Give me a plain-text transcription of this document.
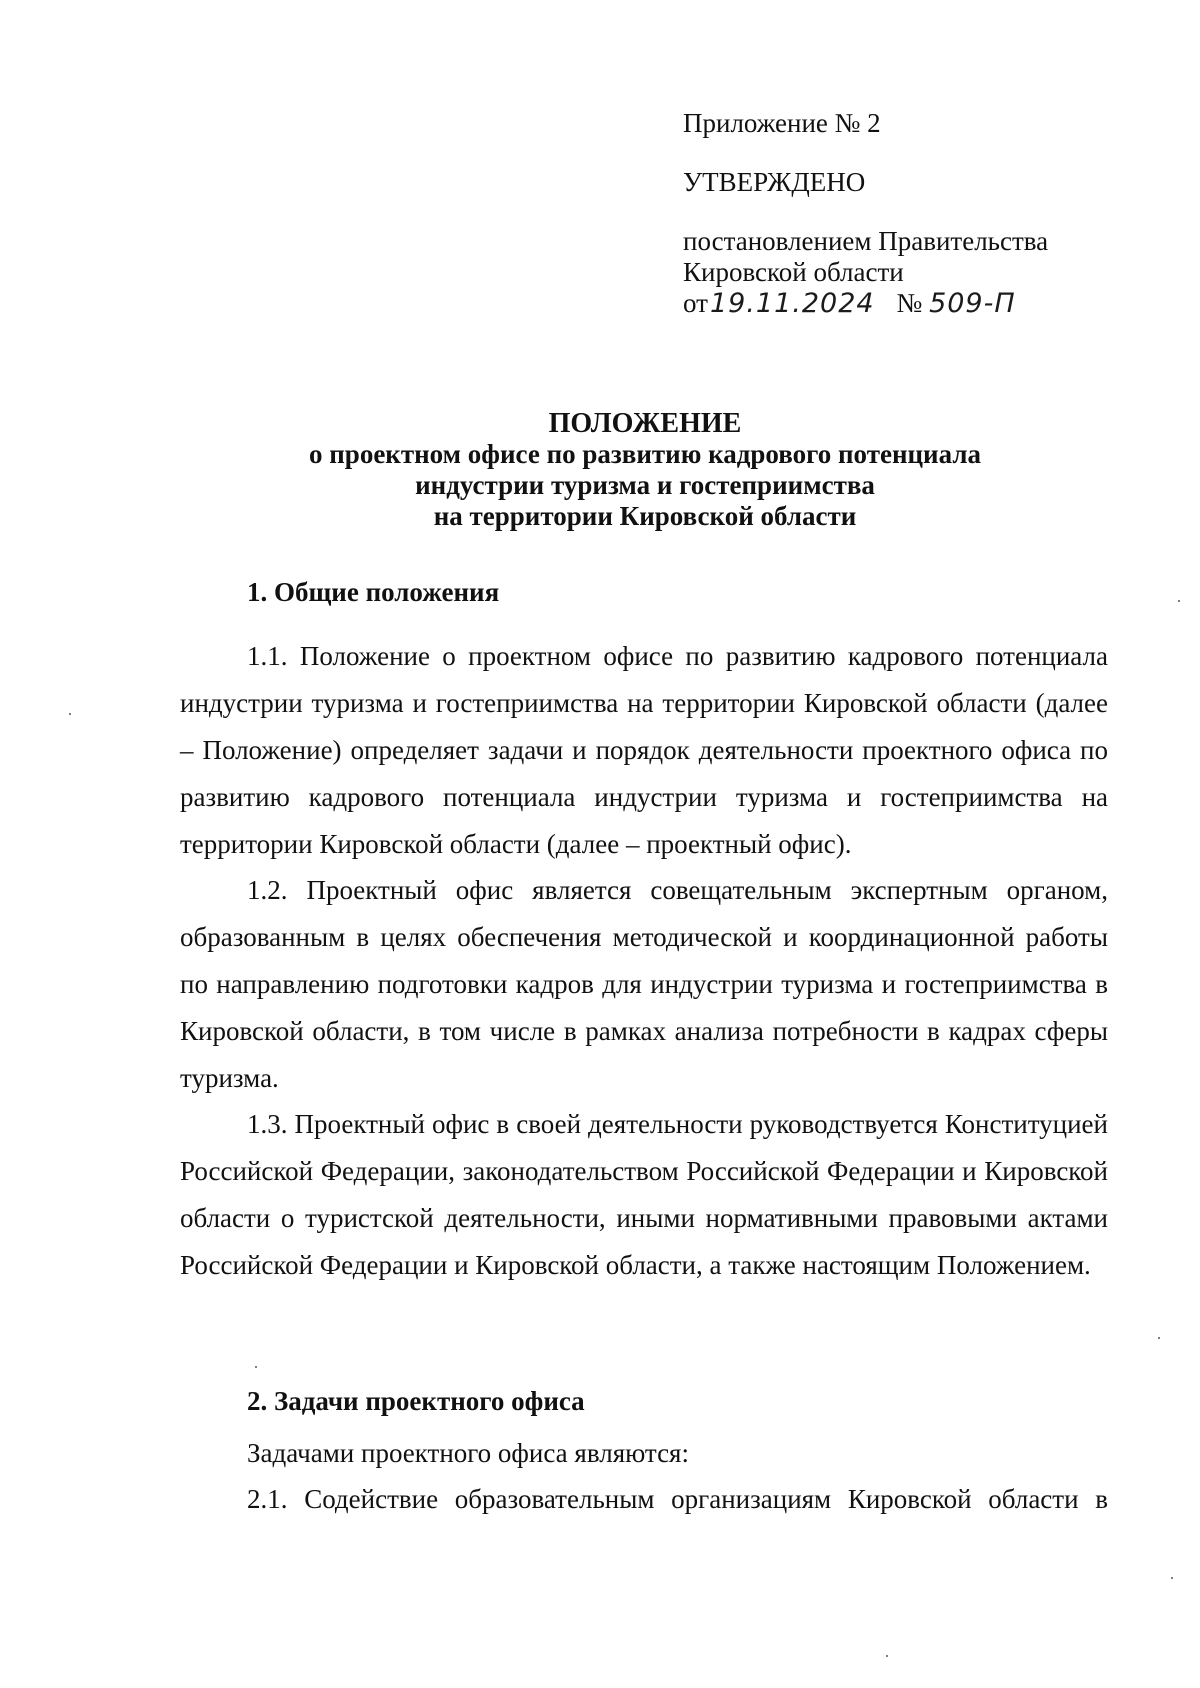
Приложение № 2
УТВЕРЖДЕНО
постановлением Правительства
Кировской области
от19.11.2024 № 509-П
ПОЛОЖЕНИЕ
о проектном офисе по развитию кадрового потенциала
индустрии туризма и гостеприимства
на территории Кировской области
1. Общие положения
1.1. Положение о проектном офисе по развитию кадрового потенциала индустрии туризма и гостеприимства на территории Кировской области (далее – Положение) определяет задачи и порядок деятельности проектного офиса по развитию кадрового потенциала индустрии туризма и гостеприимства на территории Кировской области (далее – проектный офис).
1.2. Проектный офис является совещательным экспертным органом, образованным в целях обеспечения методической и координационной работы по направлению подготовки кадров для индустрии туризма и гостеприимства в Кировской области, в том числе в рамках анализа потребности в кадрах сферы туризма.
1.3. Проектный офис в своей деятельности руководствуется Конституцией Российской Федерации, законодательством Российской Федерации и Кировской области о туристской деятельности, иными нормативными правовыми актами Российской Федерации и Кировской области, а также настоящим Положением.
2. Задачи проектного офиса
Задачами проектного офиса являются:
2.1. Содействие образовательным организациям Кировской области в
